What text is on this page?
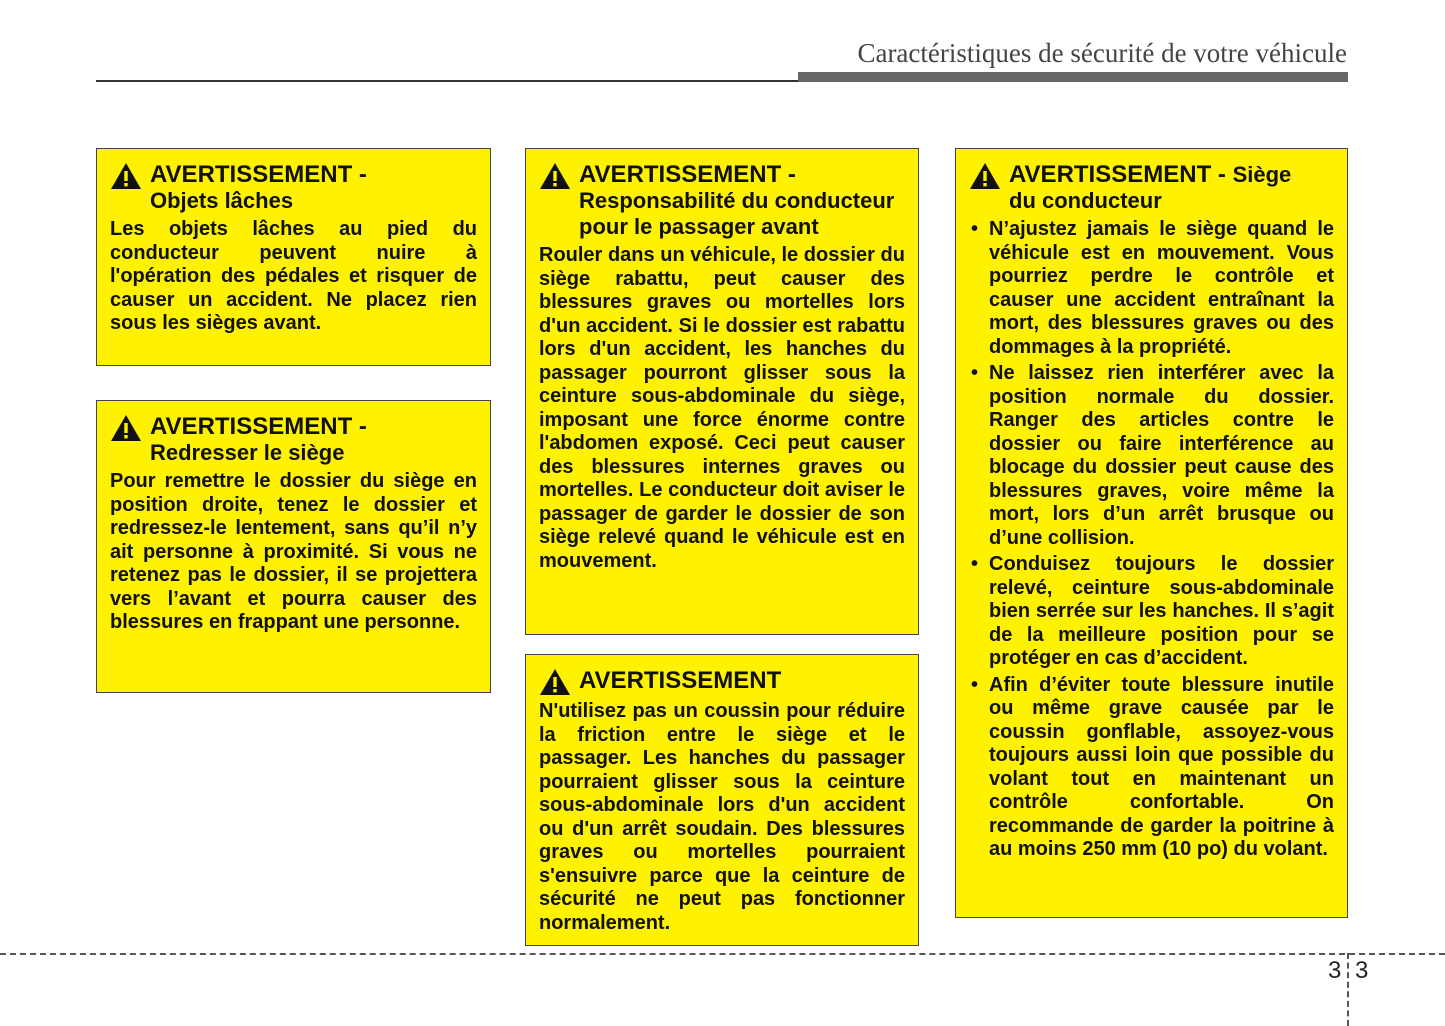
Caractéristiques de sécurité de votre véhicule
AVERTISSEMENT -
Objets lâches
Les objets lâches au pied du conducteur peuvent nuire à l'opération des pédales et risquer de causer un accident. Ne placez rien sous les sièges avant.
AVERTISSEMENT -
Redresser le siège
Pour remettre le dossier du siège en position droite, tenez le dossier et redressez-le lentement, sans qu’il n’y ait personne à proximité. Si vous ne retenez pas le dossier, il se projettera vers l’avant et pourra causer des blessures en frappant une personne.
AVERTISSEMENT -
Responsabilité du conducteur pour le passager avant
Rouler dans un véhicule, le dossier du siège rabattu, peut causer des blessures graves ou mortelles lors d'un accident. Si le dossier est rabattu lors d'un accident, les hanches du passager pourront glisser sous la ceinture sous-abdominale du siège, imposant une force énorme contre l'abdomen exposé. Ceci peut causer des blessures internes graves ou mortelles. Le conducteur doit aviser le passager de garder le dossier de son siège relevé quand le véhicule est en mouvement.
AVERTISSEMENT
N'utilisez pas un coussin pour réduire la friction entre le siège et le passager. Les hanches du passager pourraient glisser sous la ceinture sous-abdominale lors d'un accident ou d'un arrêt soudain. Des blessures graves ou mortelles pourraient s'ensuivre parce que la ceinture de sécurité ne peut pas fonctionner normalement.
AVERTISSEMENT - Siège
du conducteur
• N’ajustez jamais le siège quand le véhicule est en mouvement. Vous pourriez perdre le contrôle et causer une accident entraînant la mort, des blessures graves ou des dommages à la propriété.
• Ne laissez rien interférer avec la position normale du dossier. Ranger des articles contre le dossier ou faire interférence au blocage du dossier peut cause des blessures graves, voire même la mort, lors d’un arrêt brusque ou d’une collision.
• Conduisez toujours le dossier relevé, ceinture sous-abdominale bien serrée sur les hanches. Il s’agit de la meilleure position pour se protéger en cas d’accident.
• Afin d’éviter toute blessure inutile ou même grave causée par le coussin gonflable, assoyez-vous toujours aussi loin que possible du volant tout en maintenant un contrôle confortable. On recommande de garder la poitrine à au moins 250 mm (10 po) du volant.
3 3
